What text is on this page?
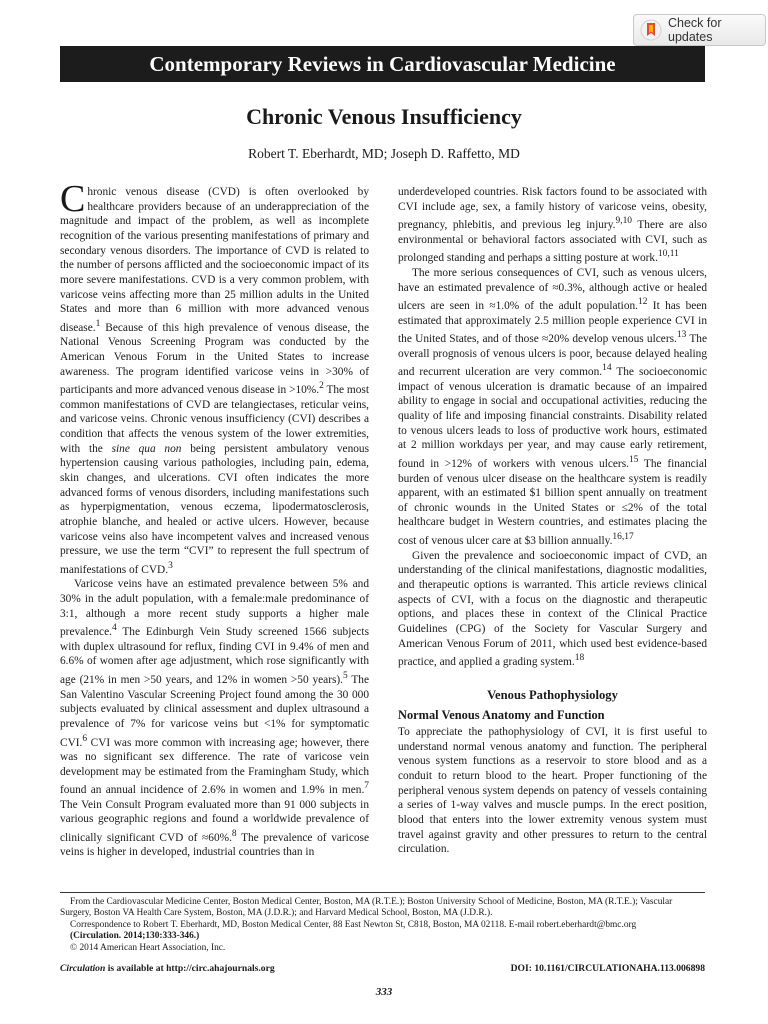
Check for updates
Contemporary Reviews in Cardiovascular Medicine
Chronic Venous Insufficiency
Robert T. Eberhardt, MD; Joseph D. Raffetto, MD

Chronic venous disease (CVD) is often overlooked by healthcare providers because of an underappreciation of the magnitude and impact of the problem, as well as incomplete recognition of the various presenting manifestations of primary and secondary venous disorders. The importance of CVD is related to the number of persons afflicted and the socioeconomic impact of its more severe manifestations. CVD is a very common problem, with varicose veins affecting more than 25 million adults in the United States and more than 6 million with more advanced venous disease.$^1$ Because of this high prevalence of venous disease, the National Venous Screening Program was conducted by the American Venous Forum in the United States to increase awareness. The program identified varicose veins in >30% of participants and more advanced venous disease in >10%.$^2$ The most common manifestations of CVD are telangiectases, reticular veins, and varicose veins. Chronic venous insufficiency (CVI) describes a condition that affects the venous system of the lower extremities, with the sine qua non being persistent ambulatory venous hypertension causing various pathologies, including pain, edema, skin changes, and ulcerations. CVI often indicates the more advanced forms of venous disorders, including manifestations such as hyperpigmentation, venous eczema, lipodermatosclerosis, atrophie blanche, and healed or active ulcers. However, because varicose veins also have incompetent valves and increased venous pressure, we use the term “CVI” to represent the full spectrum of manifestations of CVD.$^3$

Varicose veins have an estimated prevalence between 5% and 30% in the adult population, with a female:male predominance of 3:1, although a more recent study supports a higher male prevalence.$^4$ The Edinburgh Vein Study screened 1566 subjects with duplex ultrasound for reflux, finding CVI in 9.4% of men and 6.6% of women after age adjustment, which rose significantly with age (21% in men >50 years, and 12% in women >50 years).$^5$ The San Valentino Vascular Screening Project found among the 30 000 subjects evaluated by clinical assessment and duplex ultrasound a prevalence of 7% for varicose veins but <1% for symptomatic CVI.$^6$ CVI was more common with increasing age; however, there was no significant sex difference. The rate of varicose vein development may be estimated from the Framingham Study, which found an annual incidence of 2.6% in women and 1.9% in men.$^7$ The Vein Consult Program evaluated more than 91 000 subjects in various geographic regions and found a worldwide prevalence of clinically significant CVD of ≈60%.$^8$ The prevalence of varicose veins is higher in developed, industrial countries than in

underdeveloped countries. Risk factors found to be associated with CVI include age, sex, a family history of varicose veins, obesity, pregnancy, phlebitis, and previous leg injury.$^{9,10}$ There are also environmental or behavioral factors associated with CVI, such as prolonged standing and perhaps a sitting posture at work.$^{10,11}$

The more serious consequences of CVI, such as venous ulcers, have an estimated prevalence of ≈0.3%, although active or healed ulcers are seen in ≈1.0% of the adult population.$^{12}$ It has been estimated that approximately 2.5 million people experience CVI in the United States, and of those ≈20% develop venous ulcers.$^{13}$ The overall prognosis of venous ulcers is poor, because delayed healing and recurrent ulceration are very common.$^{14}$ The socioeconomic impact of venous ulceration is dramatic because of an impaired ability to engage in social and occupational activities, reducing the quality of life and imposing financial constraints. Disability related to venous ulcers leads to loss of productive work hours, estimated at 2 million workdays per year, and may cause early retirement, found in >12% of workers with venous ulcers.$^{15}$ The financial burden of venous ulcer disease on the healthcare system is readily apparent, with an estimated $1 billion spent annually on treatment of chronic wounds in the United States or ≤2% of the total healthcare budget in Western countries, and estimates placing the cost of venous ulcer care at $3 billion annually.$^{16,17}$

Given the prevalence and socioeconomic impact of CVD, an understanding of the clinical manifestations, diagnostic modalities, and therapeutic options is warranted. This article reviews clinical aspects of CVI, with a focus on the diagnostic and therapeutic options, and places these in context of the Clinical Practice Guidelines (CPG) of the Society for Vascular Surgery and American Venous Forum of 2011, which used best evidence-based practice, and applied a grading system.$^{18}$

Venous Pathophysiology
Normal Venous Anatomy and Function

To appreciate the pathophysiology of CVI, it is first useful to understand normal venous anatomy and function. The peripheral venous system functions as a reservoir to store blood and as a conduit to return blood to the heart. Proper functioning of the peripheral venous system depends on patency of vessels containing a series of 1-way valves and muscle pumps. In the erect position, blood that enters into the lower extremity venous system must travel against gravity and other pressures to return to the central circulation.

From the Cardiovascular Medicine Center, Boston Medical Center, Boston, MA (R.T.E.); Boston University School of Medicine, Boston, MA (R.T.E.); Vascular Surgery, Boston VA Health Care System, Boston, MA (J.D.R.); and Harvard Medical School, Boston, MA (J.D.R.).
Correspondence to Robert T. Eberhardt, MD, Boston Medical Center, 88 East Newton St, C818, Boston, MA 02118. E-mail robert.eberhardt@bmc.org
(Circulation. 2014;130:333-346.)
© 2014 American Heart Association, Inc.
Circulation is available at http://circ.ahajournals.org	DOI: 10.1161/CIRCULATIONAHA.113.006898
333
